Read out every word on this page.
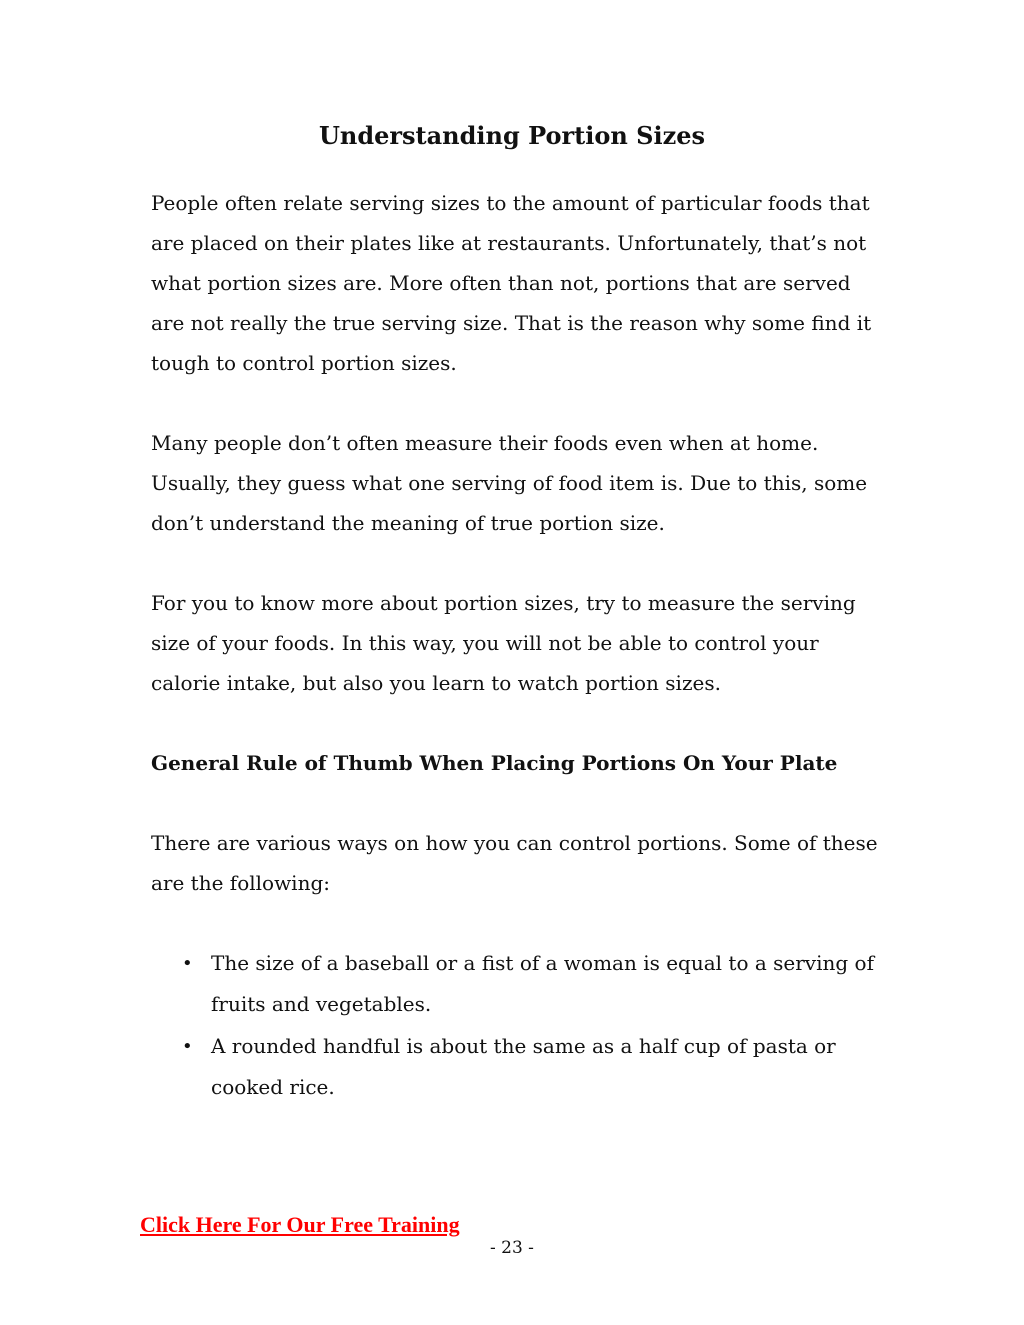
Understanding Portion Sizes

People often relate serving sizes to the amount of particular foods that are placed on their plates like at restaurants. Unfortunately, that’s not what portion sizes are. More often than not, portions that are served are not really the true serving size. That is the reason why some find it tough to control portion sizes.

Many people don’t often measure their foods even when at home. Usually, they guess what one serving of food item is. Due to this, some don’t understand the meaning of true portion size.

For you to know more about portion sizes, try to measure the serving size of your foods. In this way, you will not be able to control your calorie intake, but also you learn to watch portion sizes.

General Rule of Thumb When Placing Portions On Your Plate

There are various ways on how you can control portions. Some of these are the following:

• The size of a baseball or a fist of a woman is equal to a serving of fruits and vegetables.
• A rounded handful is about the same as a half cup of pasta or cooked rice.
Click Here For Our Free Training
- 23 -
